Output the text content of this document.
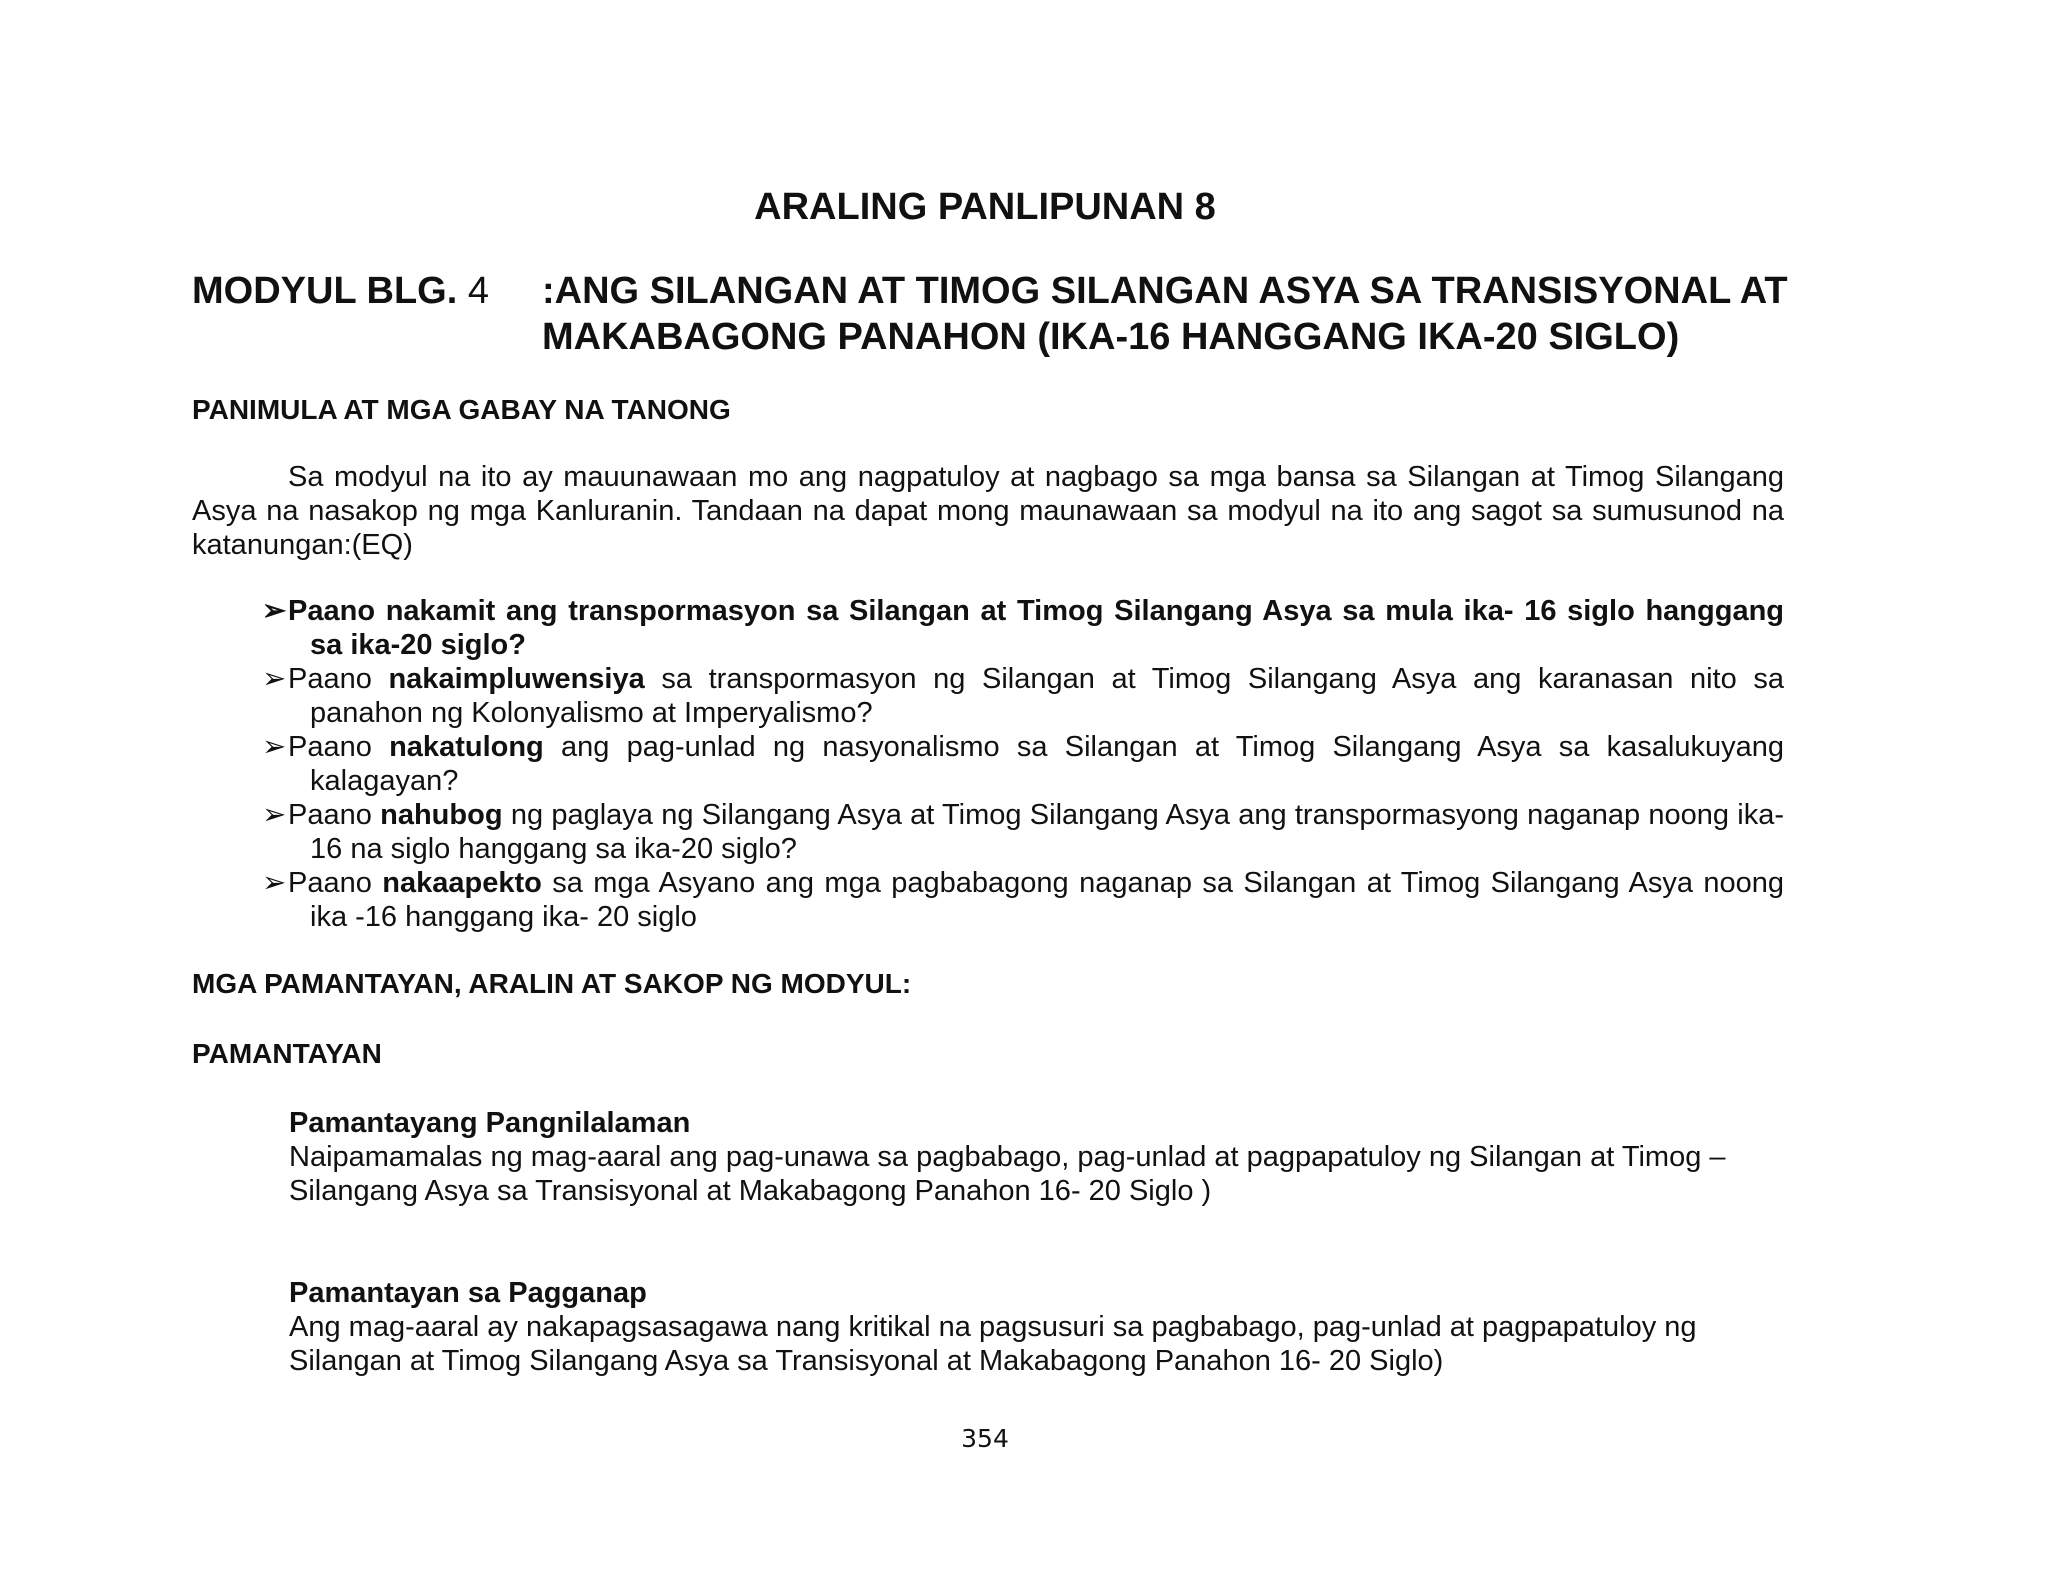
ARALING PANLIPUNAN 8
MODYUL BLG. 4 :ANG SILANGAN AT TIMOG SILANGAN ASYA SA TRANSISYONAL AT
MAKABAGONG PANAHON (IKA-16 HANGGANG IKA-20 SIGLO)
PANIMULA AT MGA GABAY NA TANONG

Sa modyul na ito ay mauunawaan mo ang nagpatuloy at nagbago sa mga bansa sa Silangan at Timog Silangang Asya na nasakop ng mga Kanluranin. Tandaan na dapat mong maunawaan sa modyul na ito ang sagot sa sumusunod na katanungan:(EQ)

➢ Paano nakamit ang transpormasyon sa Silangan at Timog Silangang Asya sa mula ika- 16 siglo hanggang sa ika-20 siglo?
➢ Paano nakaimpluwensiya sa transpormasyon ng Silangan at Timog Silangang Asya ang karanasan nito sa panahon ng Kolonyalismo at Imperyalismo?
➢ Paano nakatulong ang pag-unlad ng nasyonalismo sa Silangan at Timog Silangang Asya sa kasalukuyang kalagayan?
➢ Paano nahubog ng paglaya ng Silangang Asya at Timog Silangang Asya ang transpormasyong naganap noong ika-16 na siglo hanggang sa ika-20 siglo?
➢ Paano nakaapekto sa mga Asyano ang mga pagbabagong naganap sa Silangan at Timog Silangang Asya noong ika -16 hanggang ika- 20 siglo
MGA PAMANTAYAN, ARALIN AT SAKOP NG MODYUL:
PAMANTAYAN
Pamantayang Pangnilalaman
Naipamamalas ng mag-aaral ang pag-unawa sa pagbabago, pag-unlad at pagpapatuloy ng Silangan at Timog – Silangang Asya sa Transisyonal at Makabagong Panahon 16- 20 Siglo )
Pamantayan sa Pagganap
Ang mag-aaral ay nakapagsasagawa nang kritikal na pagsusuri sa pagbabago, pag-unlad at pagpapatuloy ng Silangan at Timog Silangang Asya sa Transisyonal at Makabagong Panahon 16- 20 Siglo)
354
